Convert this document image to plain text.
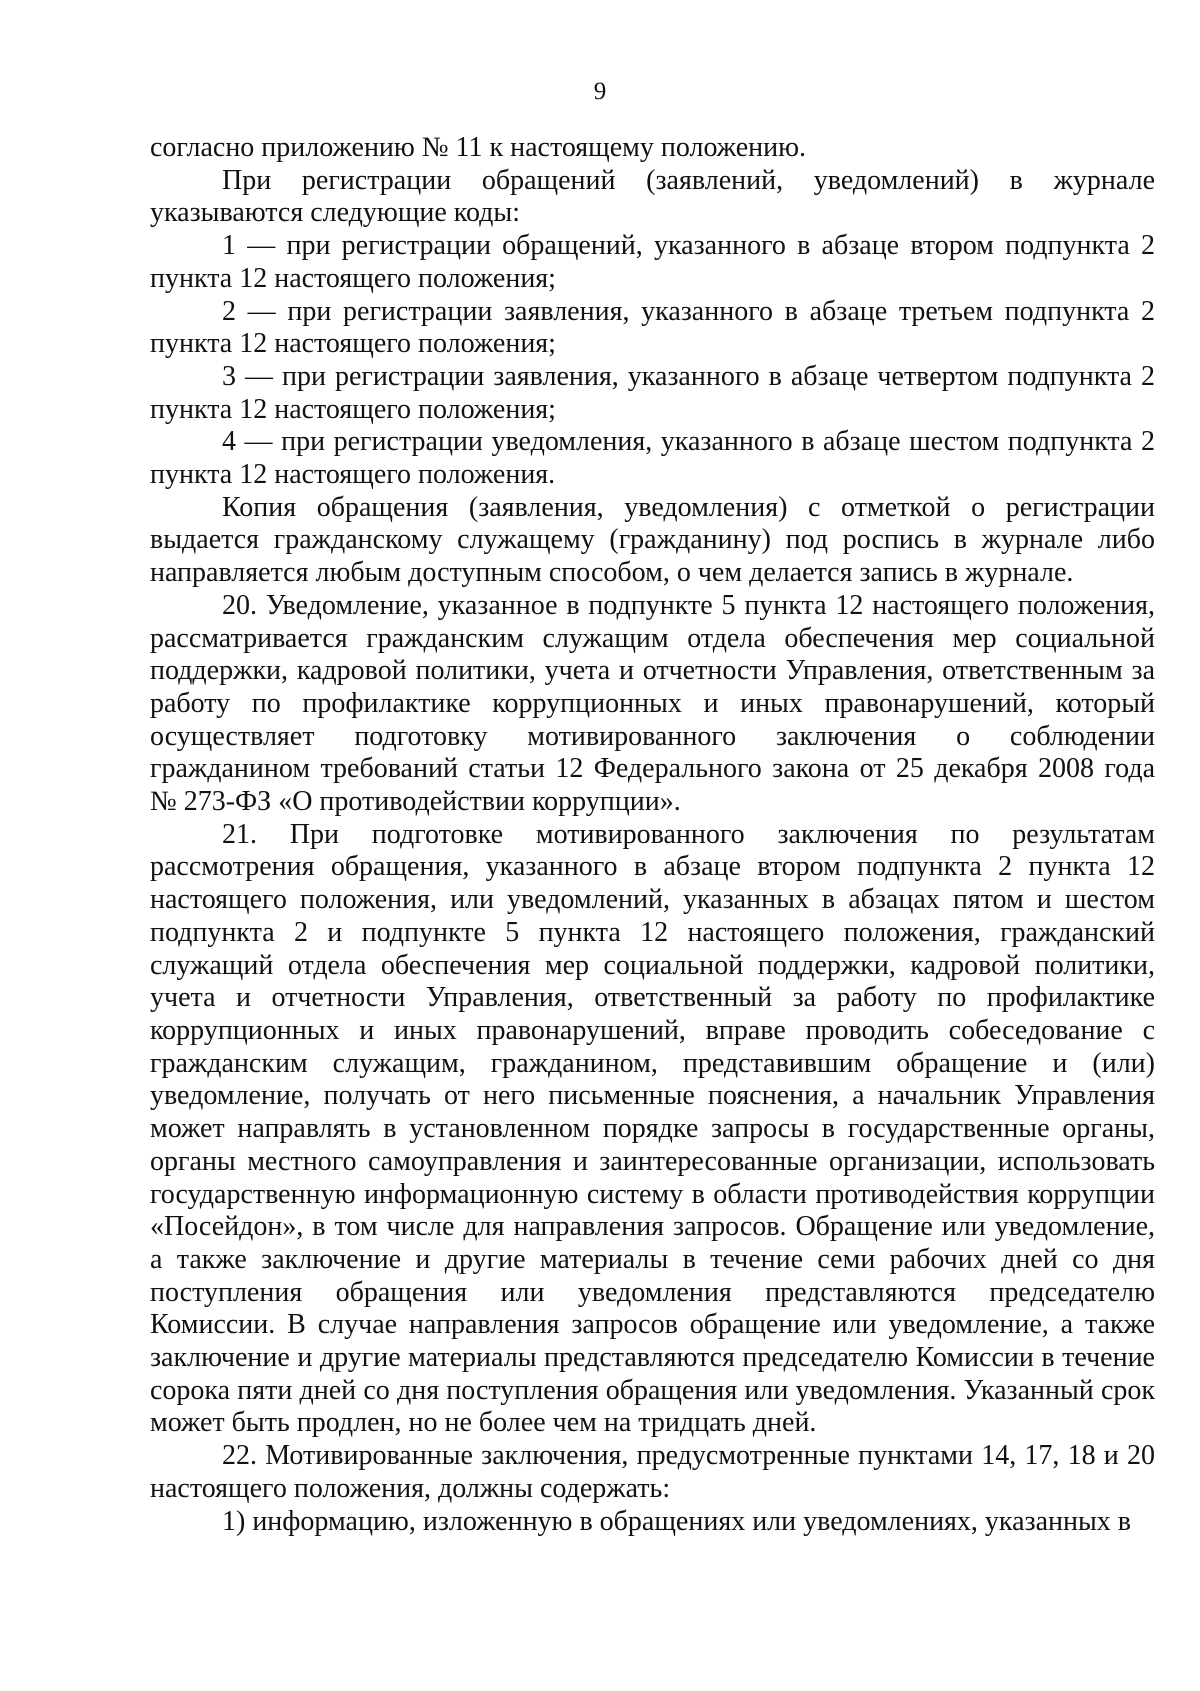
9

согласно приложению № 11 к настоящему положению.

При регистрации обращений (заявлений, уведомлений) в журнале указываются следующие коды:

1 — при регистрации обращений, указанного в абзаце втором подпункта 2 пункта 12 настоящего положения;

2 — при регистрации заявления, указанного в абзаце третьем подпункта 2 пункта 12 настоящего положения;

3 — при регистрации заявления, указанного в абзаце четвертом подпункта 2 пункта 12 настоящего положения;

4 — при регистрации уведомления, указанного в абзаце шестом подпункта 2 пункта 12 настоящего положения.

Копия обращения (заявления, уведомления) с отметкой о регистрации выдается гражданскому служащему (гражданину) под роспись в журнале либо направляется любым доступным способом, о чем делается запись в журнале.

20. Уведомление, указанное в подпункте 5 пункта 12 настоящего положения, рассматривается гражданским служащим отдела обеспечения мер социальной поддержки, кадровой политики, учета и отчетности Управления, ответственным за работу по профилактике коррупционных и иных правонарушений, который осуществляет подготовку мотивированного заключения о соблюдении гражданином требований статьи 12 Федерального закона от 25 декабря 2008 года № 273-ФЗ «О противодействии коррупции».

21. При подготовке мотивированного заключения по результатам рассмотрения обращения, указанного в абзаце втором подпункта 2 пункта 12 настоящего положения, или уведомлений, указанных в абзацах пятом и шестом подпункта 2 и подпункте 5 пункта 12 настоящего положения, гражданский служащий отдела обеспечения мер социальной поддержки, кадровой политики, учета и отчетности Управления, ответственный за работу по профилактике коррупционных и иных правонарушений, вправе проводить собеседование с гражданским служащим, гражданином, представившим обращение и (или) уведомление, получать от него письменные пояснения, а начальник Управления может направлять в установленном порядке запросы в государственные органы, органы местного самоуправления и заинтересованные организации, использовать государственную информационную систему в области противодействия коррупции «Посейдон», в том числе для направления запросов. Обращение или уведомление, а также заключение и другие материалы в течение семи рабочих дней со дня поступления обращения или уведомления представляются председателю Комиссии. В случае направления запросов обращение или уведомление, а также заключение и другие материалы представляются председателю Комиссии в течение сорока пяти дней со дня поступления обращения или уведомления. Указанный срок может быть продлен, но не более чем на тридцать дней.

22. Мотивированные заключения, предусмотренные пунктами 14, 17, 18 и 20 настоящего положения, должны содержать:

1) информацию, изложенную в обращениях или уведомлениях, указанных в
